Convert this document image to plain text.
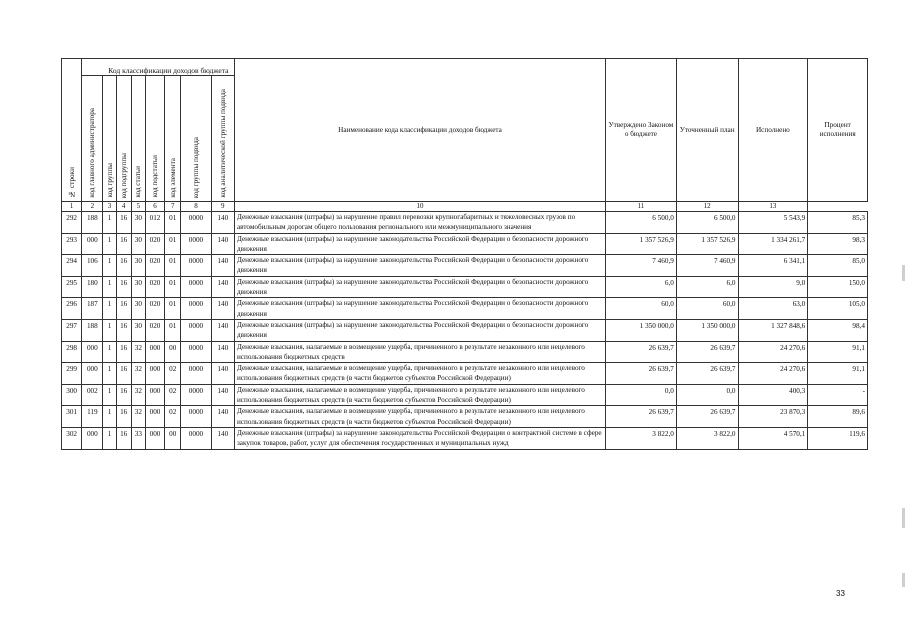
№ строки	Код классификации доходов бюджета								Наименование кода классификации доходов бюджета	Утверждено Законом о бюджете	Уточненный план	Исполнено	Процент исполнения
	код главного администратора	код группы	код подгруппы	код статьи	код подстатьи	код элемента	код группы подвида	код аналитической группы подвида					
1	2	3	4	5	6	7	8	9	10	11	12	13	
292	188	1	16	30	012	01	0000	140	Денежные взыскания (штрафы) за нарушение правил перевозки крупногабаритных и тяжеловесных грузов по автомобильным дорогам общего пользования регионального или межмуниципального значения	6 500,0	6 500,0	5 543,9	85,3
293	000	1	16	30	020	01	0000	140	Денежные взыскания (штрафы) за нарушение законодательства Российской Федерации о безопасности дорожного движения	1 357 526,9	1 357 526,9	1 334 261,7	98,3
294	106	1	16	30	020	01	0000	140	Денежные взыскания (штрафы) за нарушение законодательства Российской Федерации о безопасности дорожного движения	7 460,9	7 460,9	6 341,1	85,0
295	180	1	16	30	020	01	0000	140	Денежные взыскания (штрафы) за нарушение законодательства Российской Федерации о безопасности дорожного движения	6,0	6,0	9,0	150,0
296	187	1	16	30	020	01	0000	140	Денежные взыскания (штрафы) за нарушение законодательства Российской Федерации о безопасности дорожного движения	60,0	60,0	63,0	105,0
297	188	1	16	30	020	01	0000	140	Денежные взыскания (штрафы) за нарушение законодательства Российской Федерации о безопасности дорожного движения	1 350 000,0	1 350 000,0	1 327 848,6	98,4
298	000	1	16	32	000	00	0000	140	Денежные взыскания, налагаемые в возмещение ущерба, причиненного в результате незаконного или нецелевого использования бюджетных средств	26 639,7	26 639,7	24 270,6	91,1
299	000	1	16	32	000	02	0000	140	Денежные взыскания, налагаемые в возмещение ущерба, причиненного в результате незаконного или нецелевого использования бюджетных средств (в части бюджетов субъектов Российской Федерации)	26 639,7	26 639,7	24 270,6	91,1
300	002	1	16	32	000	02	0000	140	Денежные взыскания, налагаемые в возмещение ущерба, причиненного в результате незаконного или нецелевого использования бюджетных средств (в части бюджетов субъектов Российской Федерации)	0,0	0,0	400,3	-
301	119	1	16	32	000	02	0000	140	Денежные взыскания, налагаемые в возмещение ущерба, причиненного в результате незаконного или нецелевого использования бюджетных средств (в части бюджетов субъектов Российской Федерации)	26 639,7	26 639,7	23 870,3	89,6
302	000	1	16	33	000	00	0000	140	Денежные взыскания (штрафы) за нарушение законодательства Российской Федерации о контрактной системе в сфере закупок товаров, работ, услуг для обеспечения государственных и муниципальных нужд	3 822,0	3 822,0	4 570,1	119,6
33
